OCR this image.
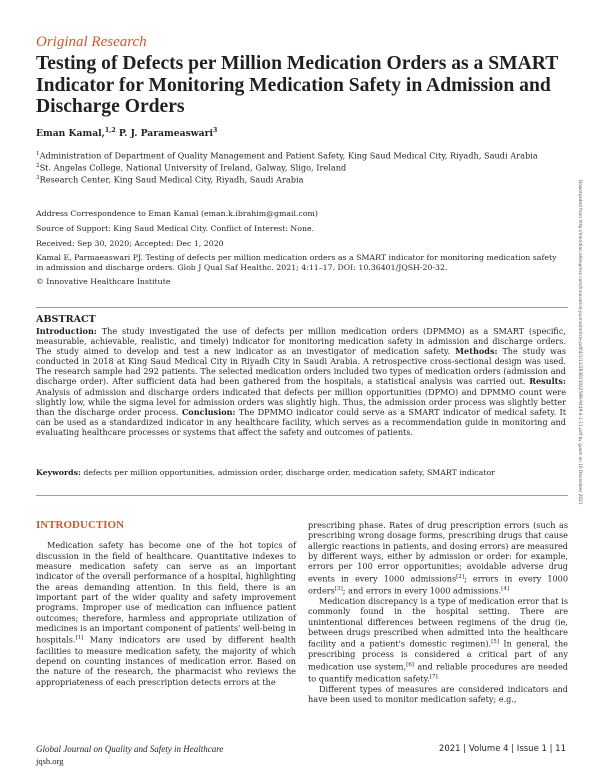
Original Research
Testing of Defects per Million Medication Orders as a SMART Indicator for Monitoring Medication Safety in Admission and Discharge Orders
Eman Kamal,$^{1,2}$ P. J. Parameaswari$^3$
$^1$Administration of Department of Quality Management and Patient Safety, King Saud Medical City, Riyadh, Saudi Arabia
$^2$St. Angelas College, National University of Ireland, Galway, Sligo, Ireland
$^3$Research Center, King Saud Medical City, Riyadh, Saudi Arabia
Address Correspondence to Eman Kamal (eman.k.ibrahim@gmail.com)
Source of Support: King Saud Medical City. Conflict of Interest: None.
Received: Sep 30, 2020; Accepted: Dec 1, 2020
Kamal E, Parmaeaswari PJ. Testing of defects per million medication orders as a SMART indicator for monitoring medication safety in admission and discharge orders. Glob J Qual Saf Healthc. 2021; 4:11–17. DOI: 10.36401/JQSH-20-32.
© Innovative Healthcare Institute	Downloaded from http://meridian.allenpress.com/innovative-journal/article-pdf/4/1/11/2838230/i2589-9449-4-1-11.pdf by guest on 10 December 2021
ABSTRACT
Introduction: The study investigated the use of defects per million medication orders (DPMMO) as a SMART (specific, measurable, achievable, realistic, and timely) indicator for monitoring medication safety in admission and discharge orders. The study aimed to develop and test a new indicator as an investigator of medication safety. Methods: The study was conducted in 2018 at King Saud Medical City in Riyadh City in Saudi Arabia. A retrospective cross-sectional design was used. The research sample had 292 patients. The selected medication orders included two types of medication orders (admission and discharge order). After sufficient data had been gathered from the hospitals, a statistical analysis was carried out. Results: Analysis of admission and discharge orders indicated that defects per million opportunities (DPMO) and DPMMO count were slightly low, while the sigma level for admission orders was slightly high. Thus, the admission order process was slightly better than the discharge order process. Conclusion: The DPMMO indicator could serve as a SMART indicator of medical safety. It can be used as a standardized indicator in any healthcare facility, which serves as a recommendation guide in monitoring and evaluating healthcare processes or systems that affect the safety and outcomes of patients.
Keywords: defects per million opportunities, admission order, discharge order, medication safety, SMART indicator
INTRODUCTION

Medication safety has become one of the hot topics of discussion in the field of healthcare. Quantitative indexes to measure medication safety can serve as an important indicator of the overall performance of a hospital, highlighting the areas demanding attention. In this field, there is an important part of the wider quality and safety improvement programs. Improper use of medication can influence patient outcomes; therefore, harmless and appropriate utilization of medicines is an important component of patients' well-being in hospitals.[1] Many indicators are used by different health facilities to measure medication safety, the majority of which depend on counting instances of medication error. Based on the nature of the research, the pharmacist who reviews the appropriateness of each prescription detects errors at the

prescribing phase. Rates of drug prescription errors (such as prescribing wrong dosage forms, prescribing drugs that cause allergic reactions in patients, and dosing errors) are measured by different ways, either by admission or order: for example, errors per 100 error opportunities; avoidable adverse drug events in every 1000 admissions[2]; errors in every 1000 orders[3]; and errors in every 1000 admissions.[4]

Medication discrepancy is a type of medication error that is commonly found in the hospital setting. There are unintentional differences between regimens of the drug (ie, between drugs prescribed when admitted into the healthcare facility and a patient's domestic regimen).[5] In general, the prescribing process is considered a critical part of any medication use system,[6] and reliable procedures are needed to quantify medication safety.[7]

Different types of measures are considered indicators and have been used to monitor medication safety; e.g.,

Global Journal on Quality and Safety in Healthcare
jqsh.org
2021 | Volume 4 | Issue 1 | 11
